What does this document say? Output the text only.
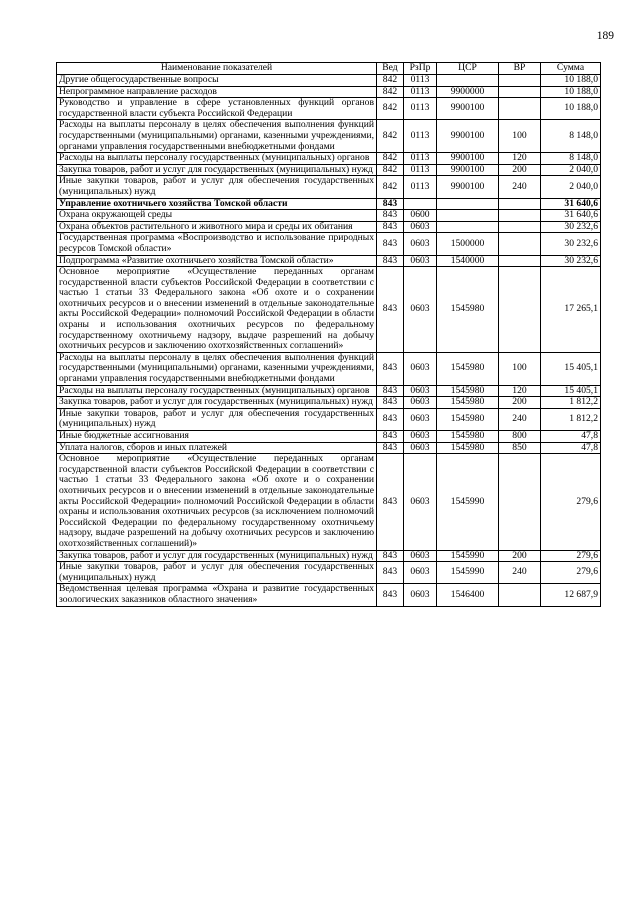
189
Наименование показателей	Вед	РзПр	ЦСР	ВР	Сумма
Другие общегосударственные вопросы	842	0113			10 188,0
Непрограммное направление расходов	842	0113	9900000		10 188,0
Руководство и управление в сфере установленных функций органов государственной власти субъекта Российской Федерации	842	0113	9900100		10 188,0
Расходы на выплаты персоналу в целях обеспечения выполнения функций государственными (муниципальными) органами, казенными учреждениями, органами управления государственными внебюджетными фондами	842	0113	9900100	100	8 148,0
Расходы на выплаты персоналу государственных (муниципальных) органов	842	0113	9900100	120	8 148,0
Закупка товаров, работ и услуг для государственных (муниципальных) нужд	842	0113	9900100	200	2 040,0
Иные закупки товаров, работ и услуг для обеспечения государственных (муниципальных) нужд	842	0113	9900100	240	2 040,0
Управление охотничьего хозяйства Томской области	843				31 640,6
Охрана окружающей среды	843	0600			31 640,6
Охрана объектов растительного и животного мира и среды их обитания	843	0603			30 232,6
Государственная программа «Воспроизводство и использование природных ресурсов Томской области»	843	0603	1500000		30 232,6
Подпрограмма «Развитие охотничьего хозяйства Томской области»	843	0603	1540000		30 232,6
Основное мероприятие «Осуществление переданных органам государственной власти субъектов Российской Федерации в соответствии с частью 1 статьи 33 Федерального закона «Об охоте и о сохранении охотничьих ресурсов и о внесении изменений в отдельные законодательные акты Российской Федерации» полномочий Российской Федерации в области охраны и использования охотничьих ресурсов по федеральному государственному охотничьему надзору, выдаче разрешений на добычу охотничьих ресурсов и заключению охотхозяйственных соглашений»	843	0603	1545980		17 265,1
Расходы на выплаты персоналу в целях обеспечения выполнения функций государственными (муниципальными) органами, казенными учреждениями, органами управления государственными внебюджетными фондами	843	0603	1545980	100	15 405,1
Расходы на выплаты персоналу государственных (муниципальных) органов	843	0603	1545980	120	15 405,1
Закупка товаров, работ и услуг для государственных (муниципальных) нужд	843	0603	1545980	200	1 812,2
Иные закупки товаров, работ и услуг для обеспечения государственных (муниципальных) нужд	843	0603	1545980	240	1 812,2
Иные бюджетные ассигнования	843	0603	1545980	800	47,8
Уплата налогов, сборов и иных платежей	843	0603	1545980	850	47,8
Основное мероприятие «Осуществление переданных органам государственной власти субъектов Российской Федерации в соответствии с частью 1 статьи 33 Федерального закона «Об охоте и о сохранении охотничьих ресурсов и о внесении изменений в отдельные законодательные акты Российской Федерации» полномочий Российской Федерации в области охраны и использования охотничьих ресурсов (за исключением полномочий Российской Федерации по федеральному государственному охотничьему надзору, выдаче разрешений на добычу охотничьих ресурсов и заключению охотхозяйственных соглашений)»	843	0603	1545990		279,6
Закупка товаров, работ и услуг для государственных (муниципальных) нужд	843	0603	1545990	200	279,6
Иные закупки товаров, работ и услуг для обеспечения государственных (муниципальных) нужд	843	0603	1545990	240	279,6
Ведомственная целевая программа «Охрана и развитие государственных зоологических заказников областного значения»	843	0603	1546400		12 687,9
